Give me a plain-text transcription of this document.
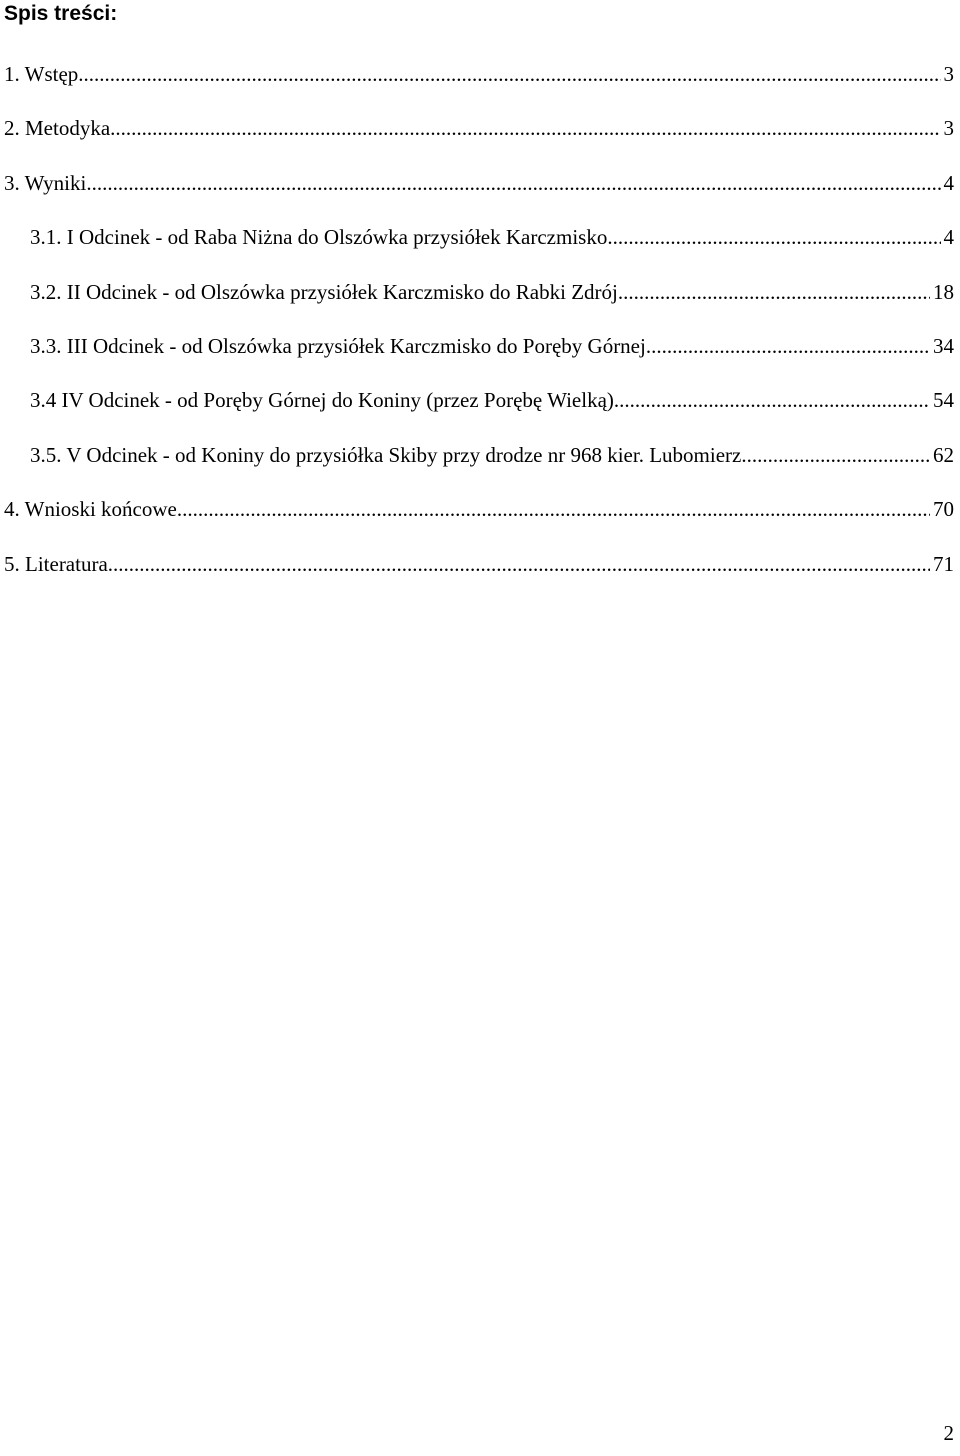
Spis treści:
1. Wstęp .....	3
2. Metodyka .....	3
3. Wyniki .....	4
3.1. I Odcinek - od Raba Niżna do Olszówka przysiółek Karczmisko .....	4
3.2. II Odcinek - od Olszówka przysiółek Karczmisko do Rabki Zdrój .....	18
3.3. III Odcinek - od Olszówka przysiółek Karczmisko do Poręby Górnej .....	34
3.4 IV Odcinek - od Poręby Górnej do Koniny (przez Porębę Wielką) .....	54
3.5. V Odcinek - od Koniny do przysiółka Skiby przy drodze nr 968 kier. Lubomierz .....	62
4. Wnioski końcowe .....	70
5. Literatura .....	71
2
